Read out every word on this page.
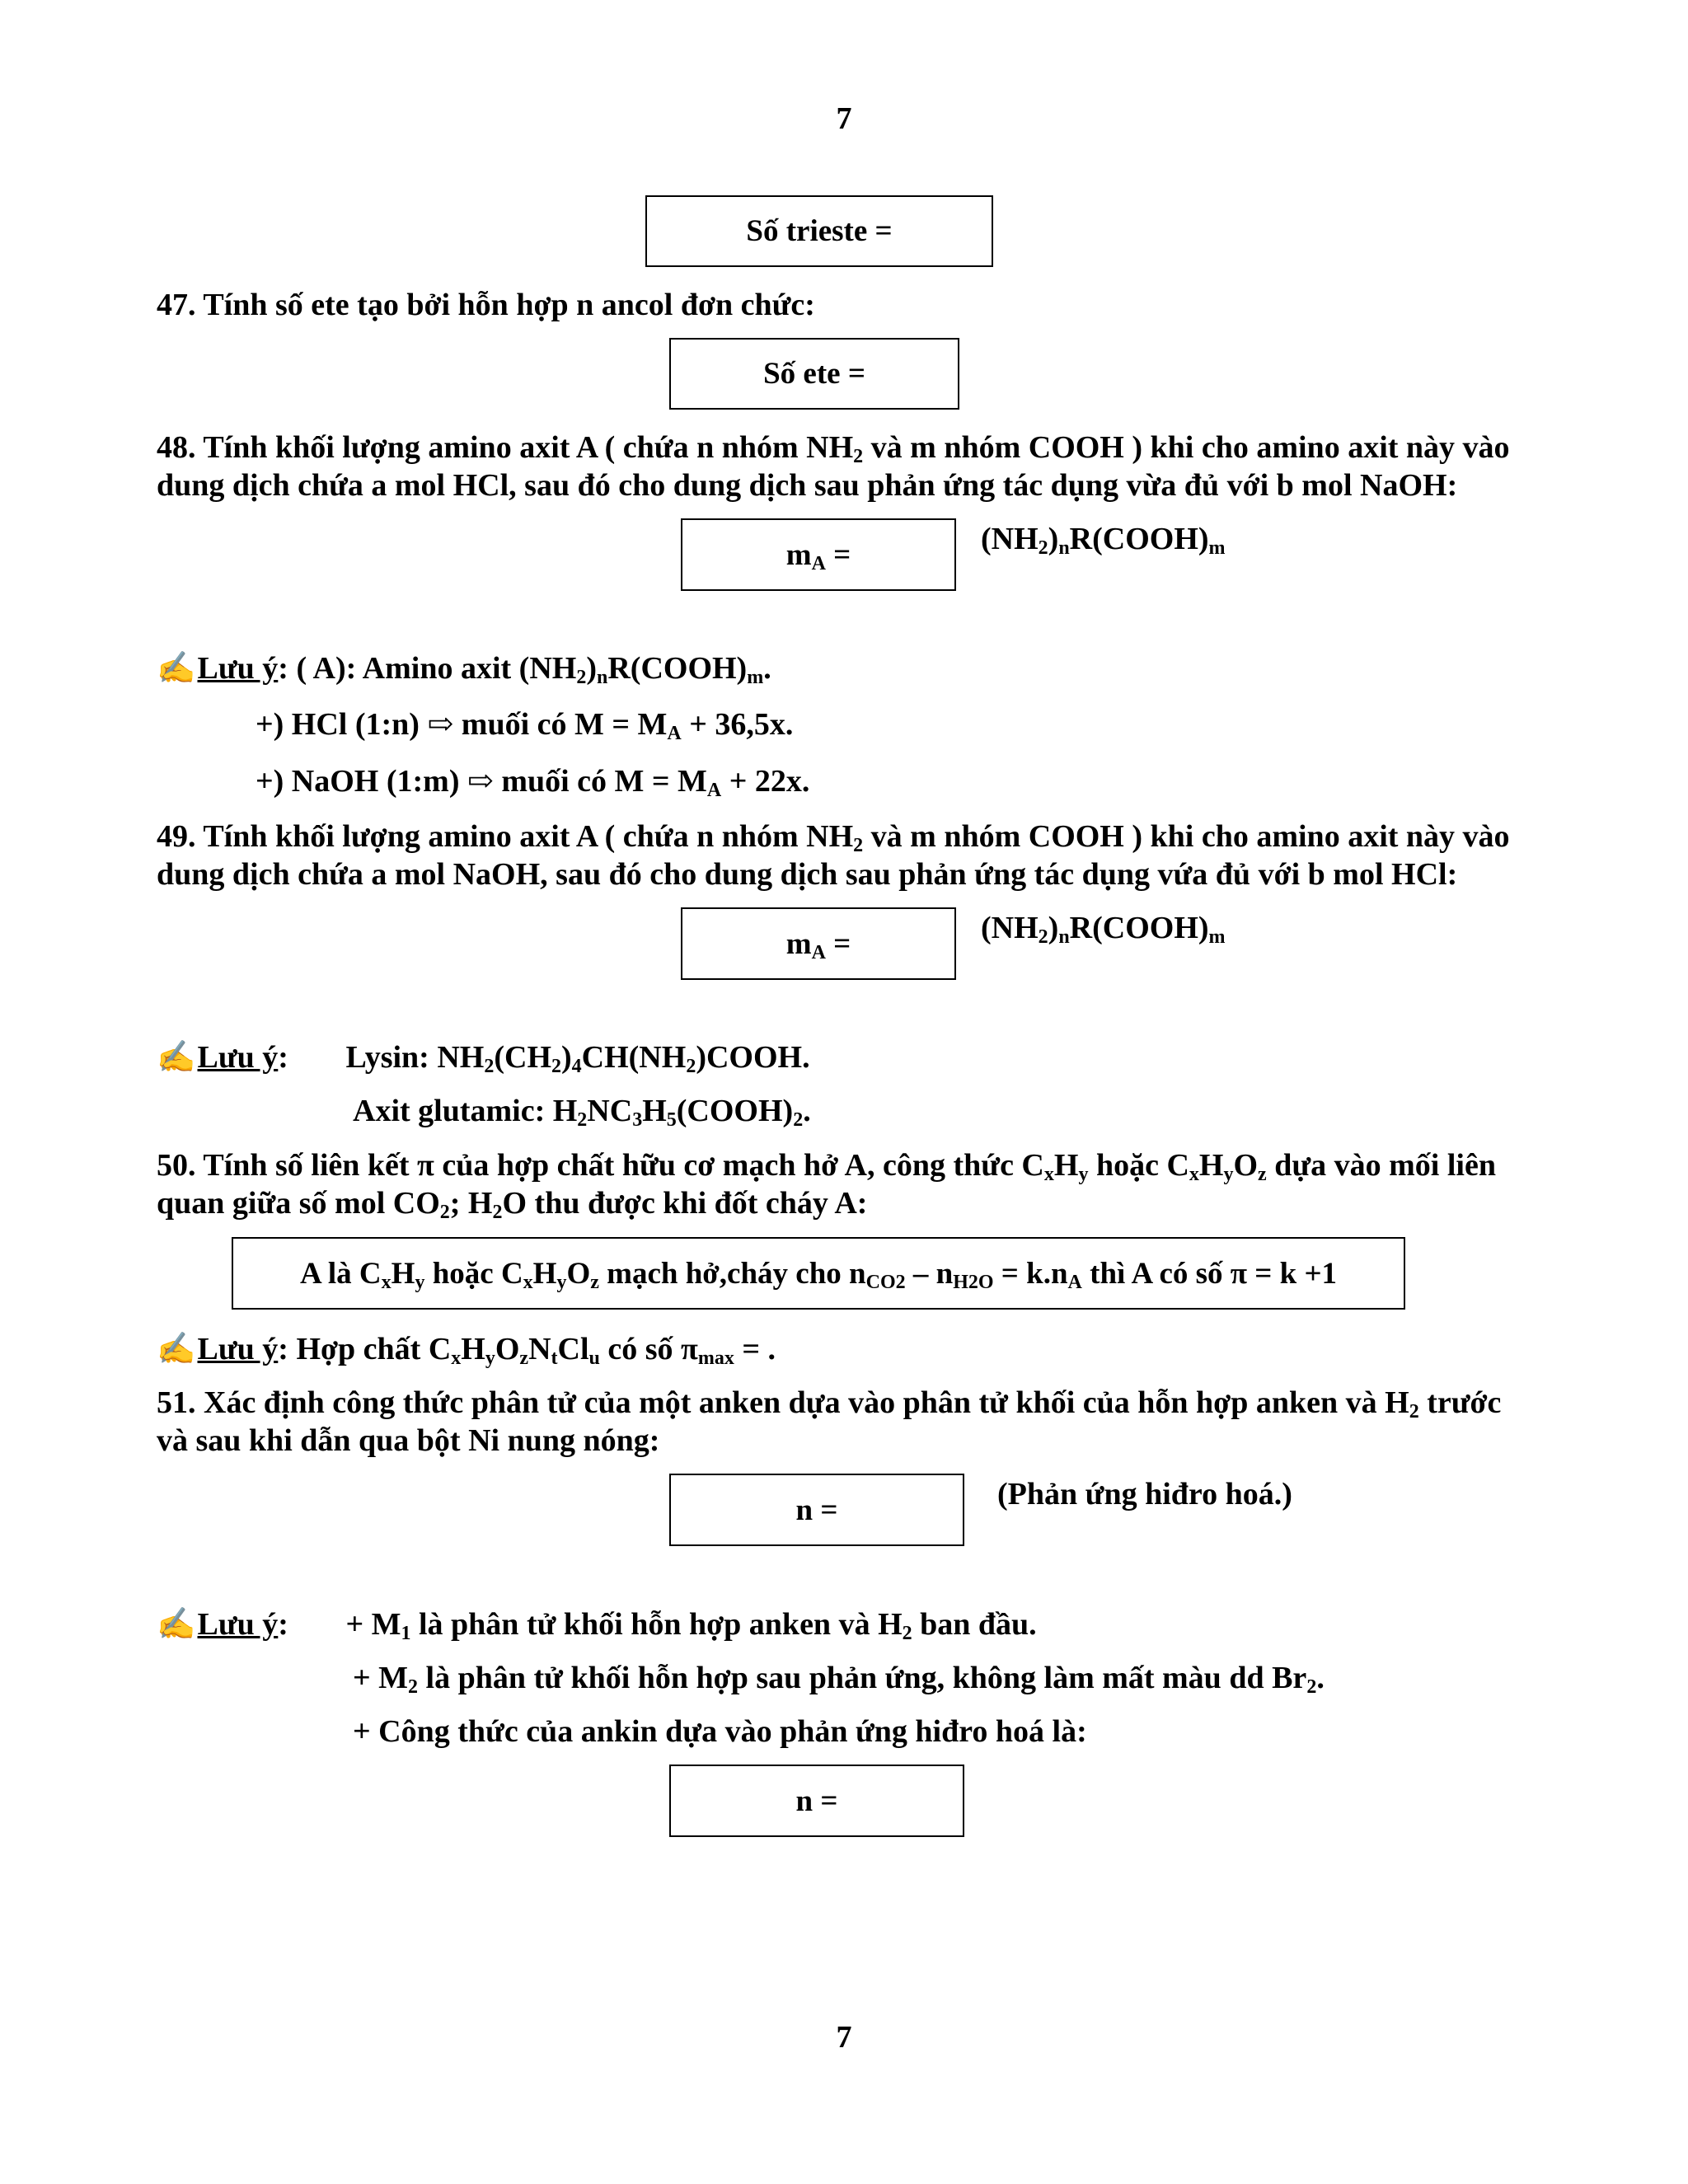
7
Số trieste =
47. Tính số ete tạo bởi hỗn hợp n ancol đơn chức:
Số ete =
48. Tính khối lượng amino axit A ( chứa n nhóm $NH_2$ và m nhóm COOH ) khi cho amino axit này vào
dung dịch chứa a mol HCl, sau đó cho dung dịch sau phản ứng tác dụng vừa đủ với b mol NaOH:
$m_A$ =	$(NH_2)_nR(COOH)_m$
✍ Lưu ý: ( A): Amino axit $(NH_2)_nR(COOH)_m$.
+) HCl (1:n) ⇨ muối có $M = M_A + 36,5x$.
+) NaOH (1:m) ⇨ muối có $M = M_A + 22x$.
49. Tính khối lượng amino axit A ( chứa n nhóm $NH_2$ và m nhóm COOH ) khi cho amino axit này vào
dung dịch chứa a mol NaOH, sau đó cho dung dịch sau phản ứng tác dụng vứa đủ với b mol HCl:
$m_A$ =	$(NH_2)_nR(COOH)_m$
✍ Lưu ý: Lysin: $NH_2(CH_2)_4CH(NH_2)COOH$.
Axit glutamic: $H_2NC_3H_5(COOH)_2$.
50. Tính số liên kết π của hợp chất hữu cơ mạch hở A, công thức $C_xH_y$ hoặc $C_xH_yO_z$ dựa vào mối liên
quan giữa số mol $CO_2$; $H_2O$ thu được khi đốt cháy A:
A là $C_xH_y$ hoặc $C_xH_yO_z$ mạch hở,cháy cho $n_{CO2} - n_{H2O} = k.n_A$ thì A có số π = k +1
✍ Lưu ý: Hợp chất $C_xH_yO_zN_tCl_u$ có số $\pi_{max}$ = .
51. Xác định công thức phân tử của một anken dựa vào phân tử khối của hỗn hợp anken và $H_2$ trước
và sau khi dẫn qua bột Ni nung nóng:
n =	(Phản ứng hiđro hoá.)
✍ Lưu ý: + $M_1$ là phân tử khối hỗn hợp anken và $H_2$ ban đầu.
+ $M_2$ là phân tử khối hỗn hợp sau phản ứng, không làm mất màu dd $Br_2$.
+ Công thức của ankin dựa vào phản ứng hiđro hoá là:
n =
7
